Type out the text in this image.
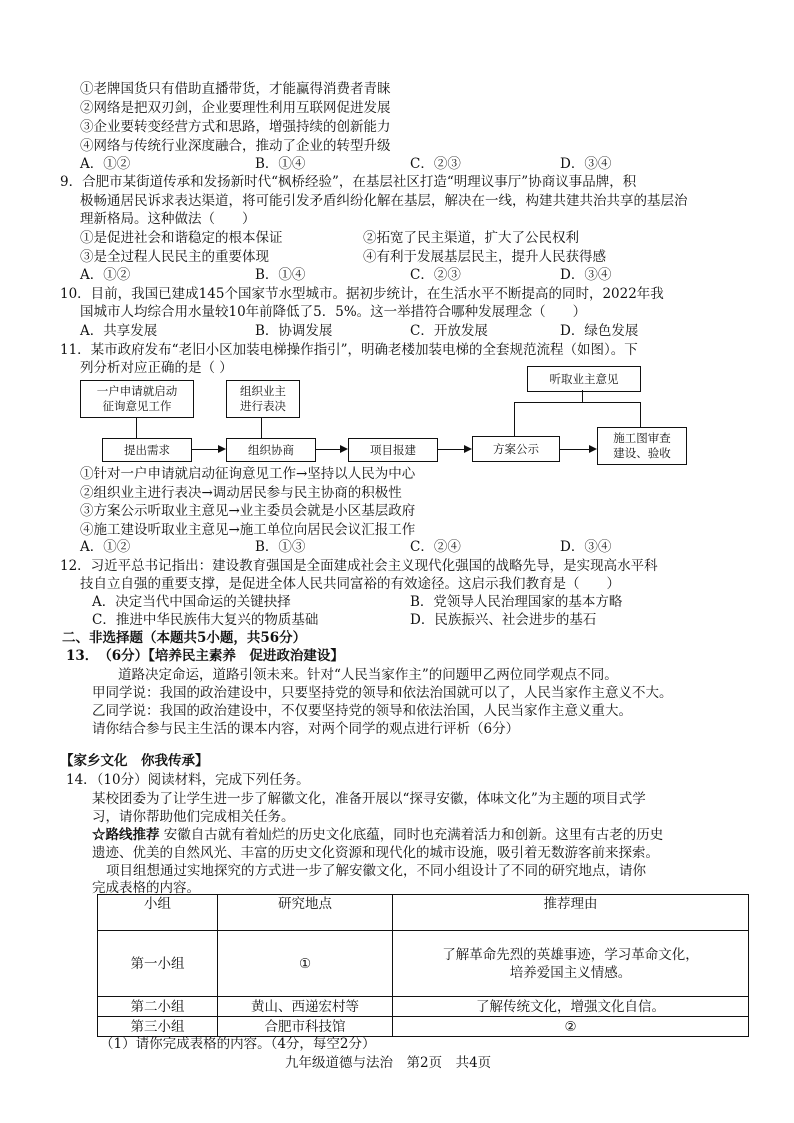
①老牌国货只有借助直播带货，才能赢得消费者青睐
②网络是把双刃剑，企业要理性利用互联网促进发展
③企业要转变经营方式和思路，增强持续的创新能力
④网络与传统行业深度融合，推动了企业的转型升级
A．①②	B．①④	C．②③	D．③④
9．合肥市某街道传承和发扬新时代“枫桥经验”，在基层社区打造“明理议事厅”协商议事品牌，积
极畅通居民诉求表达渠道，将可能引发矛盾纠纷化解在基层，解决在一线，构建共建共治共享的基层治
理新格局。这种做法（　　）
①是促进社会和谐稳定的根本保证	②拓宽了民主渠道，扩大了公民权利
③是全过程人民民主的重要体现	④有利于发展基层民主，提升人民获得感
A．①②	B．①④	C．②③	D．③④
10．目前，我国已建成145个国家节水型城市。据初步统计，在生活水平不断提高的同时，2022年我
国城市人均综合用水量较10年前降低了5．5%。这一举措符合哪种发展理念（　　）
A．共享发展	B．协调发展	C．开放发展	D．绿色发展
11．某市政府发布“老旧小区加装电梯操作指引”，明确老楼加装电梯的全套规范流程（如图）。下
列分析对应正确的是（ ）
一户申请就启动
征询意见工作
组织业主
进行表决
听取业主意见
提出需求	组织协商	项目报建	方案公示
施工图审查
建设、验收
①针对一户申请就启动征询意见工作→坚持以人民为中心
②组织业主进行表决→调动居民参与民主协商的积极性
③方案公示听取业主意见→业主委员会就是小区基层政府
④施工建设听取业主意见→施工单位向居民会议汇报工作
A．①②	B．①③	C．②④	D．③④
12．习近平总书记指出：建设教育强国是全面建成社会主义现代化强国的战略先导，是实现高水平科
技自立自强的重要支撑，是促进全体人民共同富裕的有效途径。这启示我们教育是（　　）
A．决定当代中国命运的关键抉择	B．党领导人民治理国家的基本方略
C．推进中华民族伟大复兴的物质基础	D．民族振兴、社会进步的基石
二、非选择题（本题共5小题，共56分）
13．　（6分）【培养民主素养　促进政治建设】
道路决定命运，道路引领未来。针对“人民当家作主”的问题甲乙两位同学观点不同。
甲同学说：我国的政治建设中，只要坚持党的领导和依法治国就可以了，人民当家作主意义不大。
乙同学说：我国的政治建设中，不仅要坚持党的领导和依法治国，人民当家作主意义重大。
请你结合参与民主生活的课本内容，对两个同学的观点进行评析（6分）
【家乡文化　你我传承】
14．（10分）阅读材料，完成下列任务。
某校团委为了让学生进一步了解徽文化，准备开展以“探寻安徽，体味文化”为主题的项目式学
习，请你帮助他们完成相关任务。
☆路线推荐 安徽自古就有着灿烂的历史文化底蕴，同时也充满着活力和创新。这里有古老的历史
遗迹、优美的自然风光、丰富的历史文化资源和现代化的城市设施，吸引着无数游客前来探索。
项目组想通过实地探究的方式进一步了解安徽文化，不同小组设计了不同的研究地点，请你
完成表格的内容。
小组	研究地点	推荐理由
第一小组	①	了解革命先烈的英雄事迹，学习革命文化，
培养爱国主义情感。

第二小组	黄山、西递宏村等	了解传统文化，增强文化自信。
第三小组	合肥市科技馆	②
（1）请你完成表格的内容。（4分，每空2分）
九年级道德与法治　第2页　共4页
